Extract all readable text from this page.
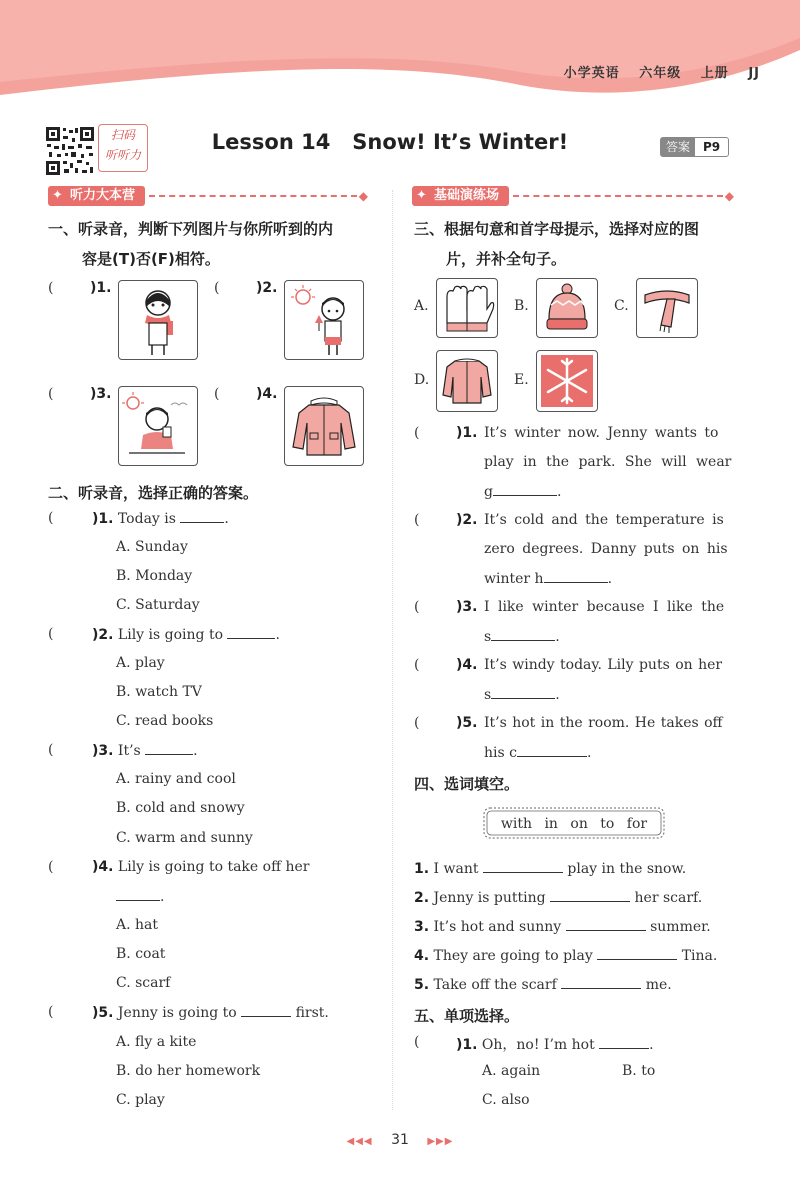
小学英语 六年级 上册 JJ
扫码
听听力
Lesson 14   Snow! It’s Winter!	答案	P9
✦ 听力大本营	◆
一、听录音，判断下列图片与你所听到的内
容是(T)否(F)相符。
(	)1.	(	)2.
(	)3.	(	)4.
二、听录音，选择正确的答案。
(	)1. Today is	.
A. Sunday
B. Monday
C. Saturday
(	)2. Lily is going to	.
A. play
B. watch TV
C. read books
(	)3. It’s	.
A. rainy and cool
B. cold and snowy
C. warm and sunny
(	)4. Lily is going to take off her
.
A. hat
B. coat
C. scarf
(	)5. Jenny is going to	first.
A. fly a kite
B. do her homework
C. play
✦ 基础演练场	◆
三、根据句意和首字母提示，选择对应的图
片，并补全句子。
A.	B.	C.
D.	E.
(	)1. It’s winter now. Jenny wants to
play in the park. She will wear
g	.
(	)2. It’s cold and the temperature is
zero degrees. Danny puts on his
winter h	.
(	)3. I like winter because I like the
s	.
(	)4. It’s windy today. Lily puts on her
s	.
(	)5. It’s hot in the room. He takes off
his c	.
四、选词填空。
with in on to for
1. I want	play in the snow.
2. Jenny is putting	her scarf.
3. It’s hot and sunny	summer.
4. They are going to play	Tina.
5. Take off the scarf	me.
五、单项选择。
(	)1. Oh，no! I’m hot	.
A. again	B. to
C. also
◀◀◀ 31 ▶▶▶
